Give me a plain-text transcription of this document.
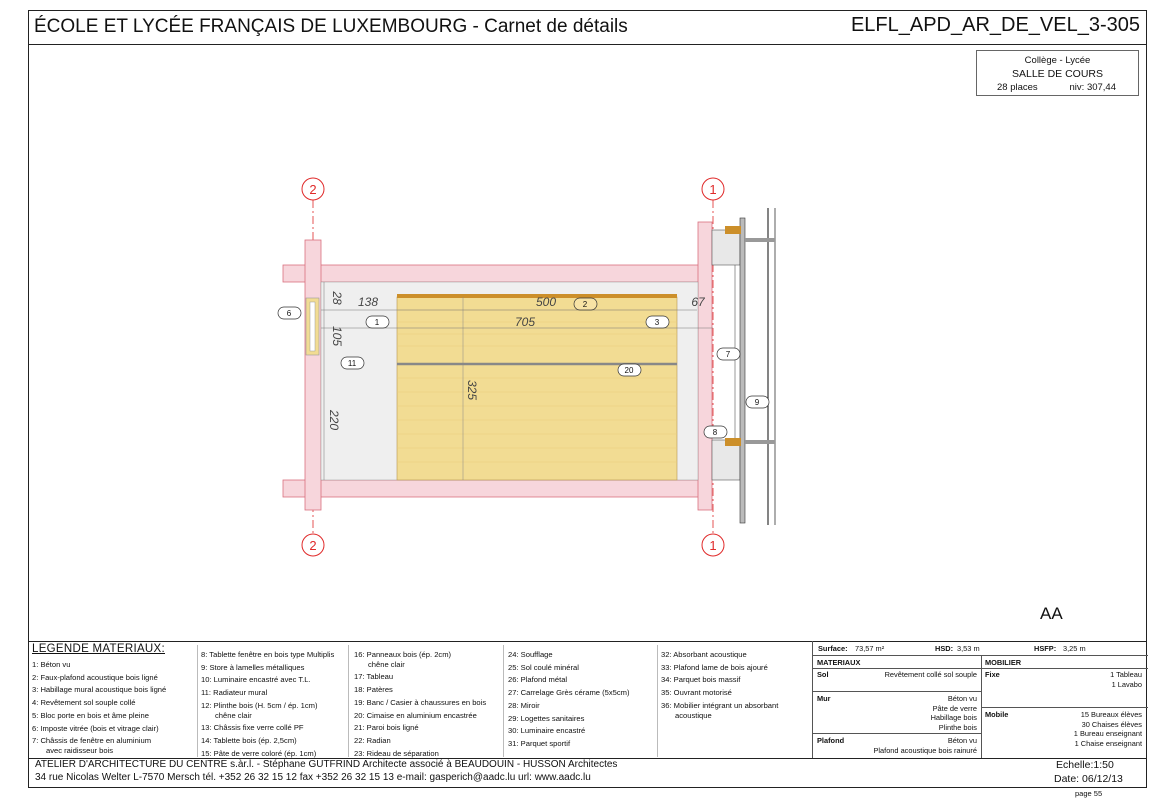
ÉCOLE ET LYCÉE FRANÇAIS DE LUXEMBOURG - Carnet de détails	ELFL_APD_AR_DE_VEL_3-305
Collège - Lycée
SALLE DE COURS
28 places	niv: 307,44
2	1
2	1
28 138	500	67
105
705
325
220
1
2
3
6
7
8
9
11
20
AA
LEGENDE MATERIAUX:
1: Béton vu
2: Faux-plafond acoustique bois ligné
3: Habillage mural acoustique bois ligné
4: Revêtement sol souple collé
5: Bloc porte en bois et âme pleine
6: Imposte vitrée (bois et vitrage clair)
7: Châssis de fenêtre en aluminium
avec raidisseur bois
8: Tablette fenêtre en bois type Multiplis
9: Store à lamelles métalliques
10: Luminaire encastré avec T.L.
11: Radiateur mural
12: Plinthe bois (H. 5cm / ép. 1cm)
chêne clair
13: Châssis fixe verre collé PF
14: Tablette bois (ép. 2,5cm)
15: Pâte de verre coloré (ép. 1cm)
16: Panneaux bois (ép. 2cm)
chêne clair
17: Tableau
18: Patères
19: Banc / Casier à chaussures en bois
20: Cimaise en aluminium encastrée
21: Paroi bois ligné
22: Radian
23: Rideau de séparation
24: Soufflage
25: Sol coulé minéral
26: Plafond métal
27: Carrelage Grès cérame (5x5cm)
28: Miroir
29: Logettes sanitaires
30: Luminaire encastré
31: Parquet sportif
32: Absorbant acoustique
33: Plafond lame de bois ajouré
34: Parquet bois massif
35: Ouvrant motorisé
36: Mobilier intégrant un absorbant
acoustique
Surface: 73,57 m²	HSD: 3,53 m	HSFP: 3,25 m
MATERIAUX
Sol	Revêtement collé sol souple
Mur	Béton vu
Pâte de verre
Habillage bois
Plinthe bois
Plafond	Béton vu
Plafond acoustique bois rainuré
MOBILIER
Fixe	1 Tableau
1 Lavabo
Mobile	15 Bureaux élèves
30 Chaises élèves
1 Bureau enseignant
1 Chaise enseignant
ATELIER D'ARCHITECTURE DU CENTRE s.àr.l. - Stéphane GUTFRIND Architecte associé à BEAUDOUIN - HUSSON Architectes
34 rue Nicolas Welter L-7570 Mersch tél. +352 26 32 15 12 fax +352 26 32 15 13 e-mail: gasperich@aadc.lu url: www.aadc.lu
Echelle:1:50
Date: 06/12/13
page 55
